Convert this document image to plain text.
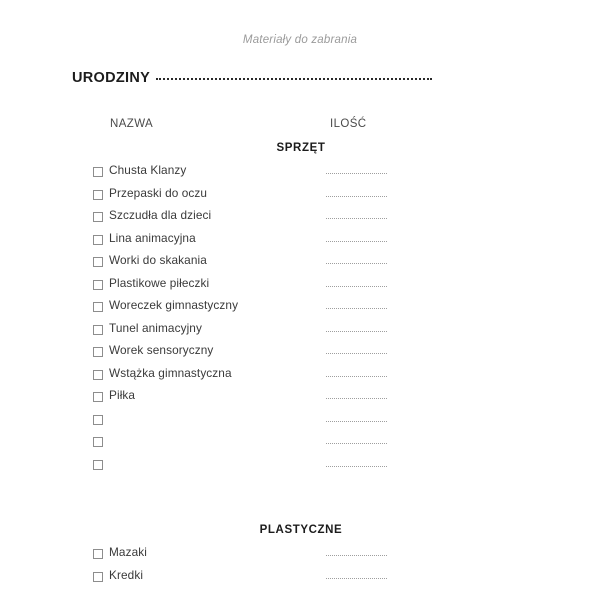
Materiały do zabrania
URODZINY
NAZWA	ILOŚĆ
SPRZĘT
Chusta Klanzy
Przepaski do oczu
Szczudła dla dzieci
Lina animacyjna
Worki do skakania
Plastikowe piłeczki
Woreczek gimnastyczny
Tunel animacyjny
Worek sensoryczny
Wstążka gimnastyczna
Piłka
PLASTYCZNE
Mazaki
Kredki
